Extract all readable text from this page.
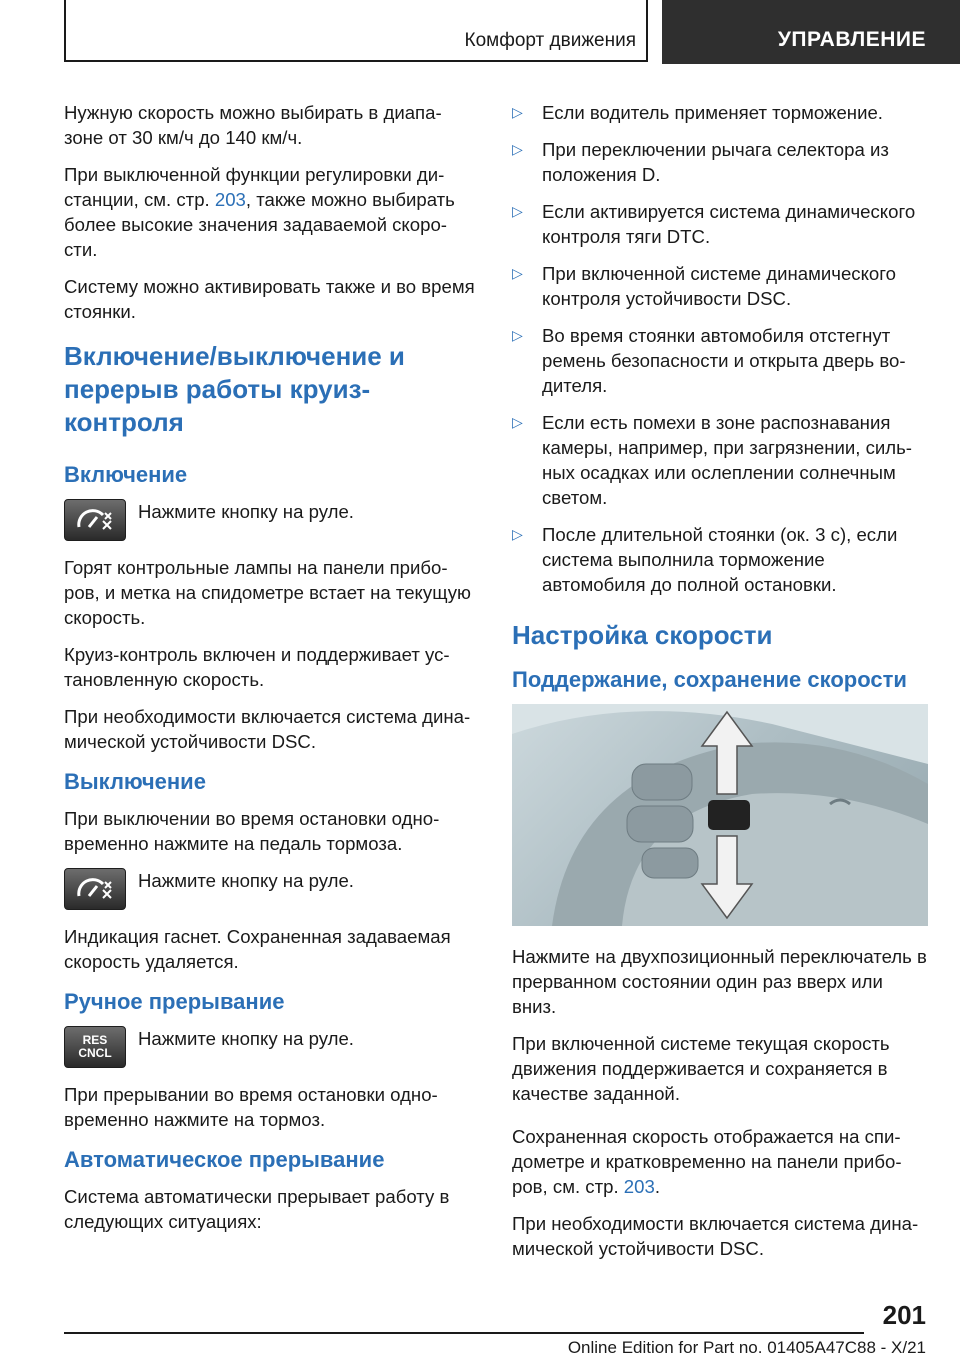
Комфорт движения	УПРАВЛЕНИЕ

Нужную скорость можно выбирать в диапа-зоне от 30 км/ч до 140 км/ч.

При выключенной функции регулировки ди-станции, см. стр. 203, также можно выбирать более высокие значения задаваемой скоро-сти.

Систему можно активировать также и во время стоянки.

Включение/выключение и перерыв работы круиз-контроля
Включение
Нажмите кнопку на руле.

Горят контрольные лампы на панели прибо-ров, и метка на спидометре встает на текущую скорость.

Круиз-контроль включен и поддерживает ус-тановленную скорость.

При необходимости включается система дина-мической устойчивости DSC.

Выключение

При выключении во время остановки одно-временно нажмите на педаль тормоза.

Нажмите кнопку на руле.

Индикация гаснет. Сохраненная задаваемая скорость удаляется.

Ручное прерывание
RES
CNCL
Нажмите кнопку на руле.

При прерывании во время остановки одно-временно нажмите на тормоз.

Автоматическое прерывание

Система автоматически прерывает работу в следующих ситуациях:

▷ Если водитель применяет торможение.
▷ При переключении рычага селектора из положения D.
▷ Если активируется система динамического контроля тяги DTC.
▷ При включенной системе динамического контроля устойчивости DSC.
▷ Во время стоянки автомобиля отстегнут ремень безопасности и открыта дверь во-дителя.
▷ Если есть помехи в зоне распознавания камеры, например, при загрязнении, силь-ных осадках или ослеплении солнечным светом.
▷ После длительной стоянки (ок. 3 с), если система выполнила торможение автомобиля до полной остановки.
Настройка скорости
Поддержание, сохранение скорости

Нажмите на двухпозиционный переключатель в прерванном состоянии один раз вверх или вниз.

При включенной системе текущая скорость движения поддерживается и сохраняется в качестве заданной.

Сохраненная скорость отображается на спи-дометре и кратковременно на панели прибо-ров, см. стр. 203.

При необходимости включается система дина-мической устойчивости DSC.

201
Online Edition for Part no. 01405A47C88 - X/21
